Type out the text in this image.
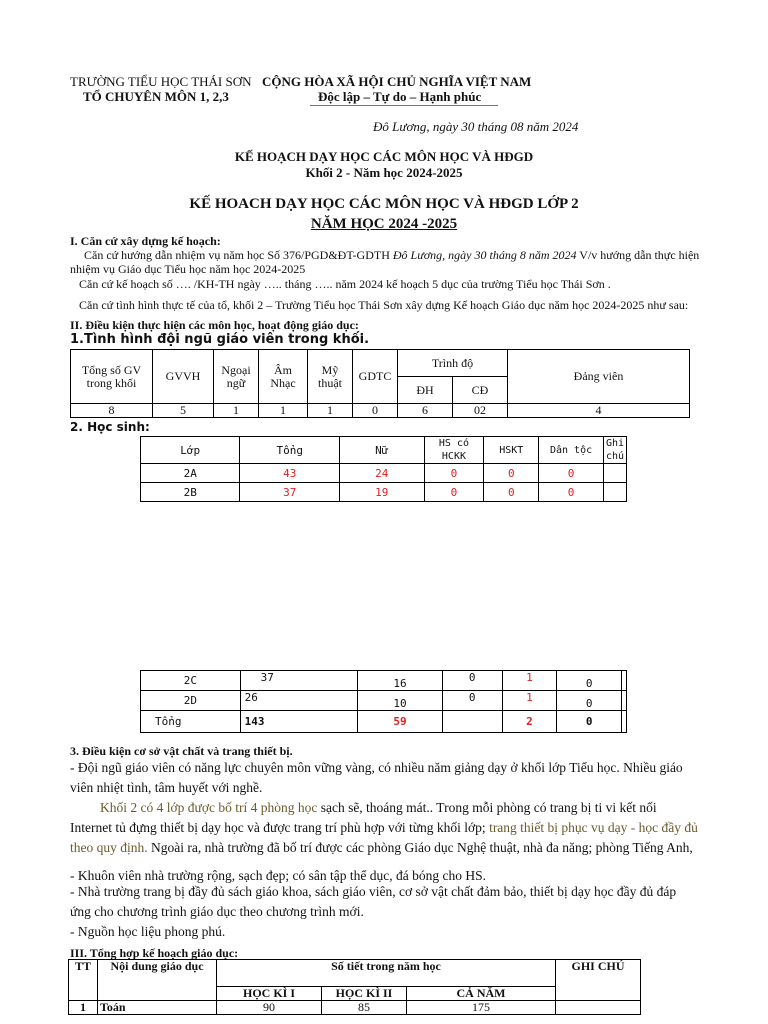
TRƯỜNG TIỂU HỌC THÁI SƠN
TỔ CHUYÊN MÔN 1, 2,3
CỘNG HÒA XÃ HỘI CHỦ NGHĨA VIỆT NAM
Độc lập – Tự do – Hạnh phúc
Đô Lương, ngày 30 tháng 08 năm 2024
KẾ HOẠCH DẠY HỌC CÁC MÔN HỌC VÀ HĐGD
Khối 2 - Năm học 2024-2025
KẾ HOACH DẠY HỌC CÁC MÔN HỌC VÀ HĐGD LỚP 2
NĂM HỌC 2024 -2025
I. Căn cứ xây dựng kế hoạch:
Căn cứ hướng dẫn nhiệm vụ năm học Số 376/PGD&ĐT-GDTH Đô Lương, ngày 30 tháng 8 năm 2024 V/v hướng dẫn thực hiện nhiệm vụ Giáo dục Tiểu học năm học 2024-2025
Căn cứ kế hoạch số …. /KH-TH ngày ….. tháng ….. năm 2024 kế hoạch 5 dục của trường Tiểu học Thái Sơn .
Căn cứ tình hình thực tế của tổ, khối 2 – Trường Tiểu học Thái Sơn xây dựng Kế hoạch Giáo dục năm học 2024-2025 như sau:
II. Điều kiện thực hiện các môn học, hoạt động giáo dục:
1.Tình hình đội ngũ giáo viên trong khối.
Tổng số GV trong khối	GVVH	Ngoại ngữ	Âm Nhạc	Mỹ thuật	GDTC	Trình độ		Đảng viên
						ĐH	CĐ	
8	5	1	1	1	0	6	02	4
2. Học sinh:
Lớp	Tổng	Nữ	HS có HCKK	HSKT	Dân tộc	Ghi chú
2A	43	24	0	0	0	
2B	37	19	0	0	0	
2C	37	16	0	1	0	
2D	26	10	0	1	0	
Tổng	143	59		2	0	
3. Điều kiện cơ sở vật chất và trang thiết bị.
- Đội ngũ giáo viên có năng lực chuyên môn vững vàng, có nhiều năm giảng dạy ở khối lớp Tiểu học. Nhiều giáo viên nhiệt tình, tâm huyết với nghề.
Khối 2 có 4 lớp được bố trí 4 phòng học sạch sẽ, thoáng mát.. Trong mỗi phòng có trang bị ti vi kết nối Internet tủ đựng thiết bị dạy học và được trang trí phù hợp với từng khối lớp; trang thiết bị phục vụ dạy - học đầy đủ theo quy định. Ngoài ra, nhà trường đã bố trí được các phòng Giáo dục Nghệ thuật, nhà đa năng; phòng Tiếng Anh,
- Khuôn viên nhà trường rộng, sạch đẹp; có sân tập thể dục, đá bóng cho HS.
- Nhà trường trang bị đầy đủ sách giáo khoa, sách giáo viên, cơ sở vật chất đảm bảo, thiết bị dạy học đầy đủ đáp ứng cho chương trình giáo dục theo chương trình mới.
- Nguồn học liệu phong phú.
III. Tổng hợp kế hoạch giáo dục:
TT	Nội dung giáo dục	Số tiết trong năm học			GHI CHÚ
		HỌC KÌ I	HỌC KÌ II	CẢ NĂM	
1	Toán	90	85	175	
